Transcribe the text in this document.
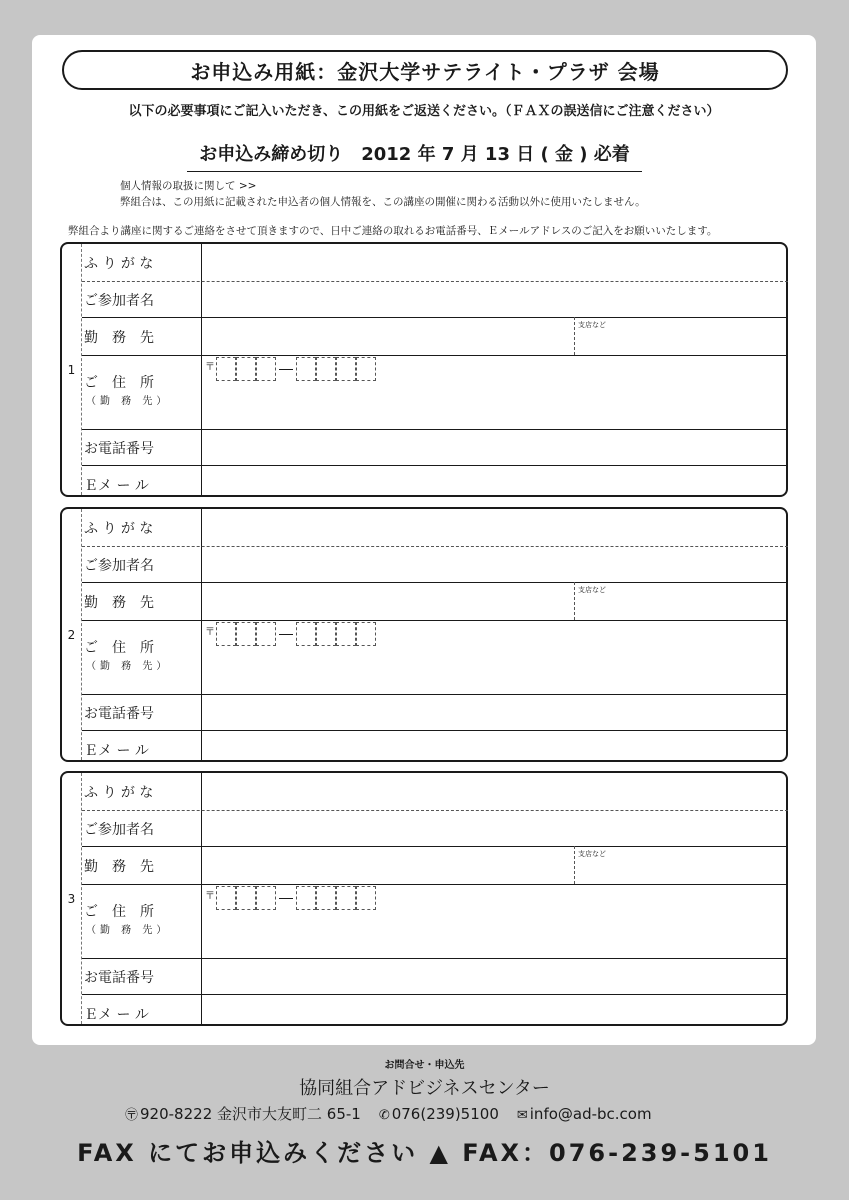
お申込み用紙：金沢大学サテライト・プラザ 会場
以下の必要事項にご記入いただき、この用紙をご返送ください。（ＦＡＸの誤送信にご注意ください）
お申込み締め切り　2012 年 7 月 13 日 ( 金 ) 必着
個人情報の取扱に関して >>
弊組合は、この用紙に記載された申込者の個人情報を、この講座の開催に関わる活動以外に使用いたしません。
弊組合より講座に関するご連絡をさせて頂きますので、日中ご連絡の取れるお電話番号、Ｅメールアドレスのご記入をお願いいたします。
1
ふ り が な
ご参加者名
勤　務　先
ご　住　所
お電話番号
Ｅメ ー ル
（勤 務 先）
支店など
〒
2
ふ り が な
ご参加者名
勤　務　先
ご　住　所
お電話番号
Ｅメ ー ル
（勤 務 先）
支店など
〒
3
ふ り が な
ご参加者名
勤　務　先
ご　住　所
お電話番号
Ｅメ ー ル
（勤 務 先）
支店など
〒
お問合せ・申込先
協同組合アドビジネスセンター
〶 920-8222 金沢市大友町二 65-1 ✆ 076(239)5100 ✉ info@ad-bc.com
FAX にてお申込みください ▲ FAX：076-239-5101
